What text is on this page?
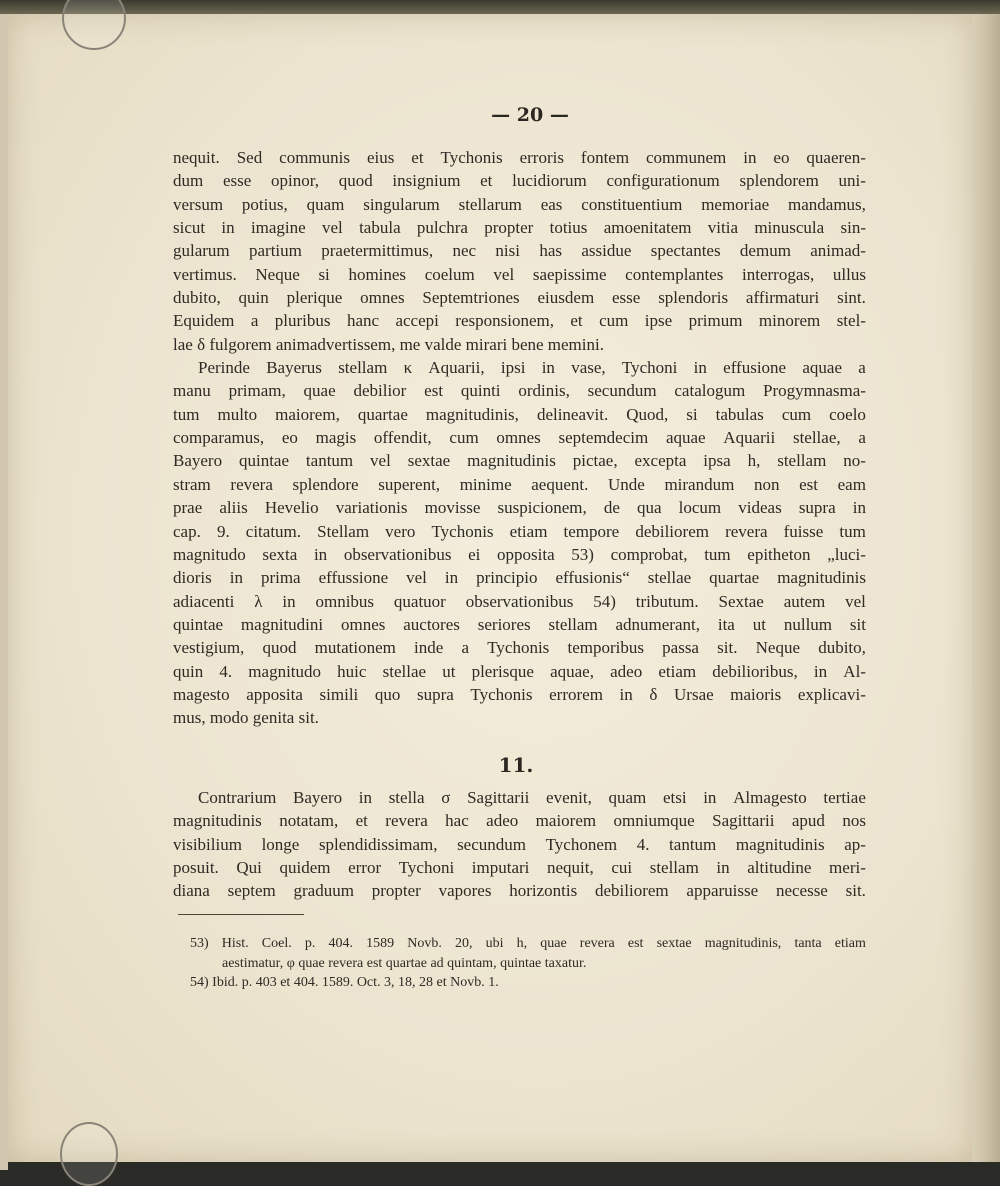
— 20 —
nequit. Sed communis eius et Tychonis erroris fontem communem in eo quaeren-
dum esse opinor, quod insignium et lucidiorum configurationum splendorem uni-
versum potius, quam singularum stellarum eas constituentium memoriae mandamus,
sicut in imagine vel tabula pulchra propter totius amoenitatem vitia minuscula sin-
gularum partium praetermittimus, nec nisi has assidue spectantes demum animad-
vertimus. Neque si homines coelum vel saepissime contemplantes interrogas, ullus
dubito, quin plerique omnes Septemtriones eiusdem esse splendoris affirmaturi sint.
Equidem a pluribus hanc accepi responsionem, et cum ipse primum minorem stel-
lae δ fulgorem animadvertissem, me valde mirari bene memini.
Perinde Bayerus stellam κ Aquarii, ipsi in vase, Tychoni in effusione aquae a
manu primam, quae debilior est quinti ordinis, secundum catalogum Progymnasma-
tum multo maiorem, quartae magnitudinis, delineavit. Quod, si tabulas cum coelo
comparamus, eo magis offendit, cum omnes septemdecim aquae Aquarii stellae, a
Bayero quintae tantum vel sextae magnitudinis pictae, excepta ipsa h, stellam no-
stram revera splendore superent, minime aequent. Unde mirandum non est eam
prae aliis Hevelio variationis movisse suspicionem, de qua locum videas supra in
cap. 9. citatum. Stellam vero Tychonis etiam tempore debiliorem revera fuisse tum
magnitudo sexta in observationibus ei opposita 53) comprobat, tum epitheton „luci-
dioris in prima effussione vel in principio effusionis“ stellae quartae magnitudinis
adiacenti λ in omnibus quatuor observationibus 54) tributum. Sextae autem vel
quintae magnitudini omnes auctores seriores stellam adnumerant, ita ut nullum sit
vestigium, quod mutationem inde a Tychonis temporibus passa sit. Neque dubito,
quin 4. magnitudo huic stellae ut plerisque aquae, adeo etiam debilioribus, in Al-
magesto apposita simili quo supra Tychonis errorem in δ Ursae maioris explicavi-
mus, modo genita sit.
11.
Contrarium Bayero in stella σ Sagittarii evenit, quam etsi in Almagesto tertiae
magnitudinis notatam, et revera hac adeo maiorem omniumque Sagittarii apud nos
visibilium longe splendidissimam, secundum Tychonem 4. tantum magnitudinis ap-
posuit. Qui quidem error Tychoni imputari nequit, cui stellam in altitudine meri-
diana septem graduum propter vapores horizontis debiliorem apparuisse necesse sit.
53) Hist. Coel. p. 404. 1589 Novb. 20, ubi h, quae revera est sextae magnitudinis, tanta etiam
aestimatur, φ quae revera est quartae ad quintam, quintae taxatur.
54) Ibid. p. 403 et 404. 1589. Oct. 3, 18, 28 et Novb. 1.
